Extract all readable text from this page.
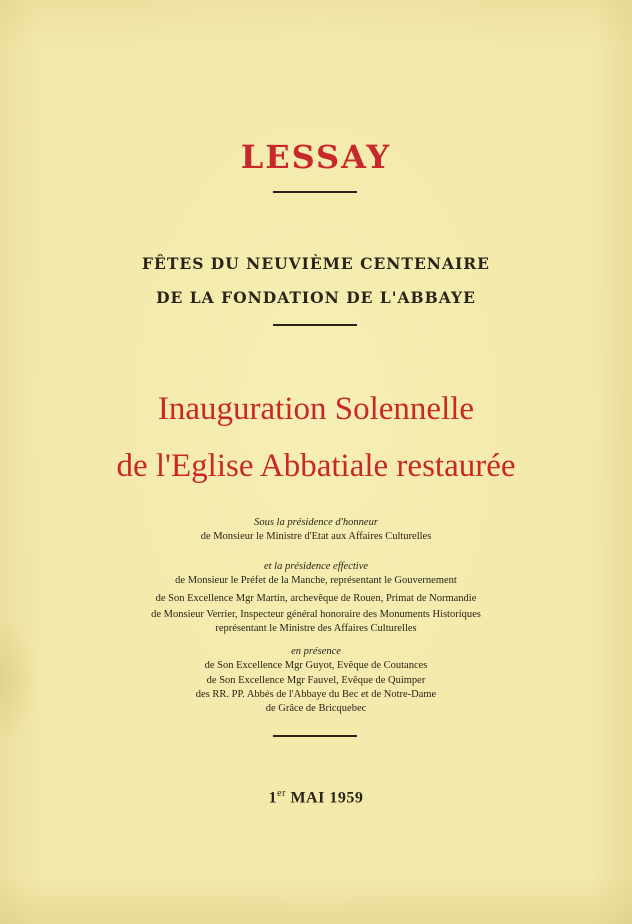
LESSAY
FÊTES DU NEUVIÈME CENTENAIRE
DE LA FONDATION DE L'ABBAYE
Inauguration Solennelle
de l'Eglise Abbatiale restaurée
Sous la présidence d'honneur
de Monsieur le Ministre d'Etat aux Affaires Culturelles
et la présidence effective
de Monsieur le Préfet de la Manche, représentant le Gouvernement
de Son Excellence Mgr Martin, archevêque de Rouen, Primat de Normandie
de Monsieur Verrier, Inspecteur général honoraire des Monuments Historiques
représentant le Ministre des Affaires Culturelles
en présence
de Son Excellence Mgr Guyot, Evêque de Coutances
de Son Excellence Mgr Fauvel, Evêque de Quimper
des RR. PP. Abbés de l'Abbaye du Bec et de Notre-Dame
de Grâce de Bricquebec
1er MAI 1959
